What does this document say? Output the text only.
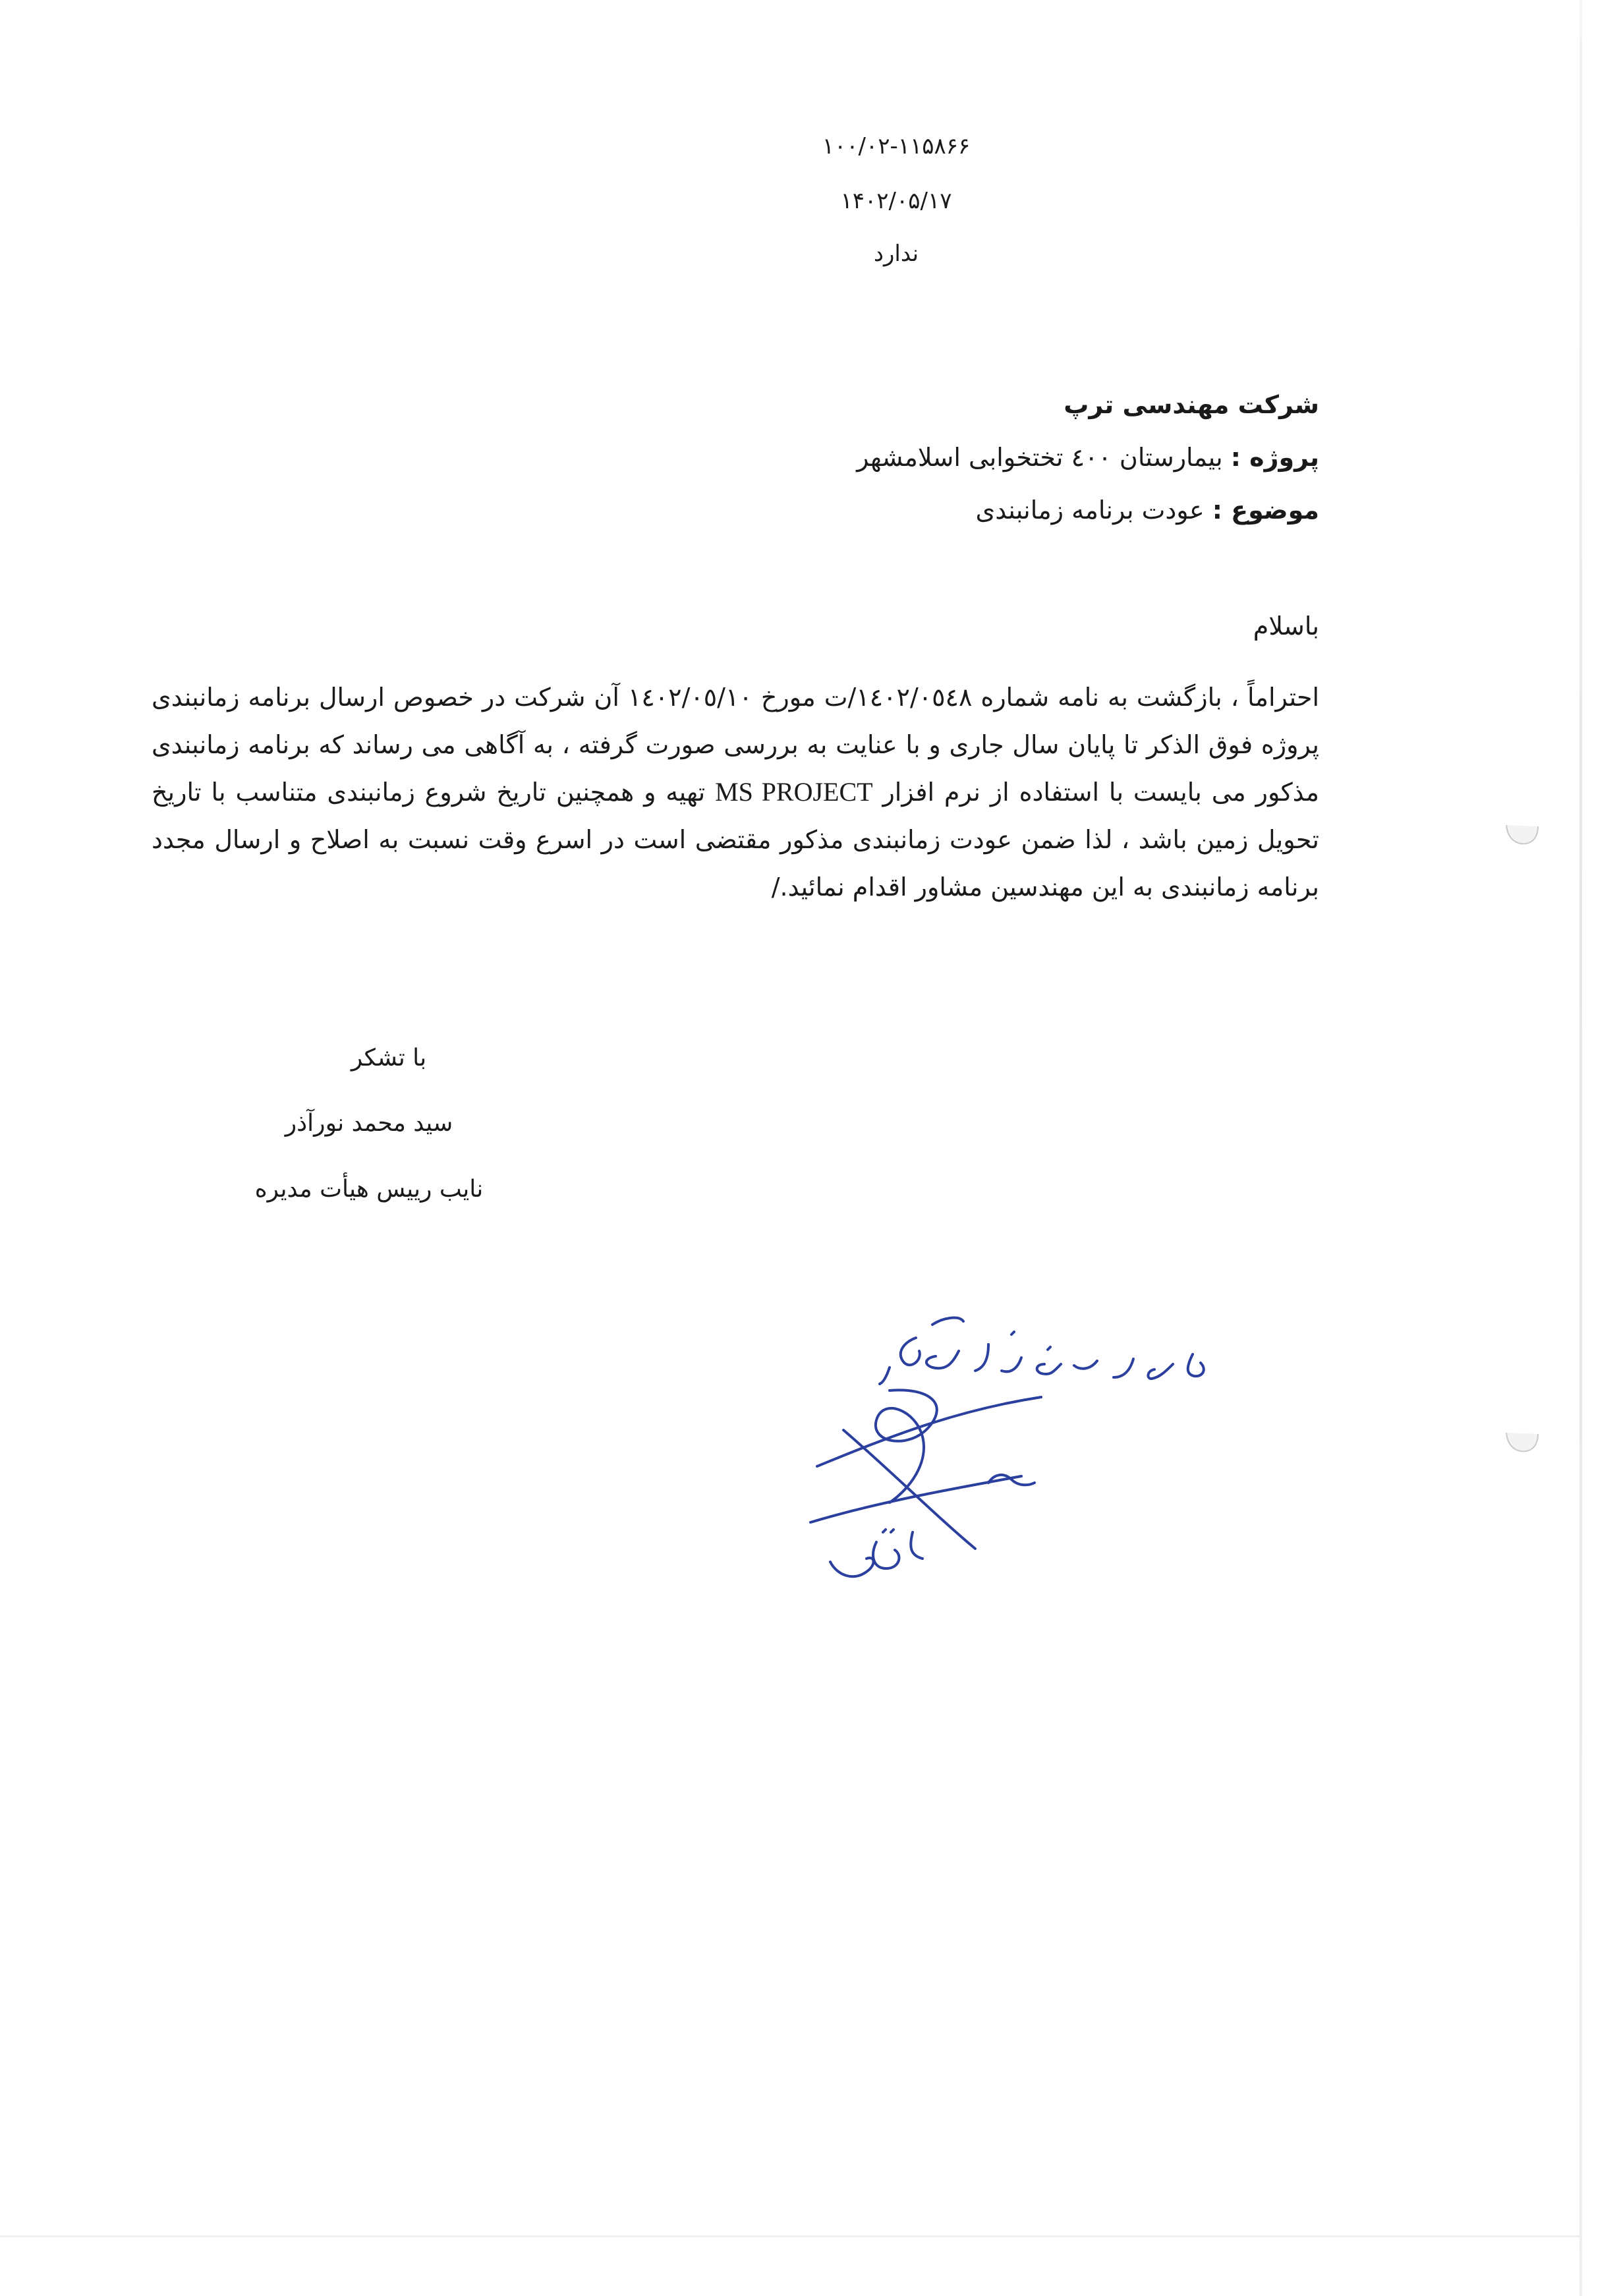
۱۰۰/۰۲-۱۱۵۸۶۶
۱۴۰۲/۰۵/۱۷
ندارد
شرکت مهندسی ترپ
پروژه : بیمارستان ٤٠٠ تختخوابی اسلامشهر
موضوع : عودت برنامه زمانبندی
باسلام
احتراماً ، بازگشت به نامه شماره ۱٤۰۲/۰٥٤۸/ت مورخ ۱٤۰۲/۰٥/۱۰ آن شرکت در خصوص ارسال برنامه زمانبندی پروژه فوق الذکر تا پایان سال جاری و با عنایت به بررسی صورت گرفته ، به آگاهی می رساند که برنامه زمانبندی مذکور می بایست با استفاده از نرم افزار MS PROJECT تهیه و همچنین تاریخ شروع زمانبندی متناسب با تاریخ تحویل زمین باشد ، لذا ضمن عودت زمانبندی مذکور مقتضی است در اسرع وقت نسبت به اصلاح و ارسال مجدد برنامه زمانبندی به این مهندسین مشاور اقدام نمائید./
با تشکر
سید محمد نورآذر
نایب رییس هیأت مدیره
